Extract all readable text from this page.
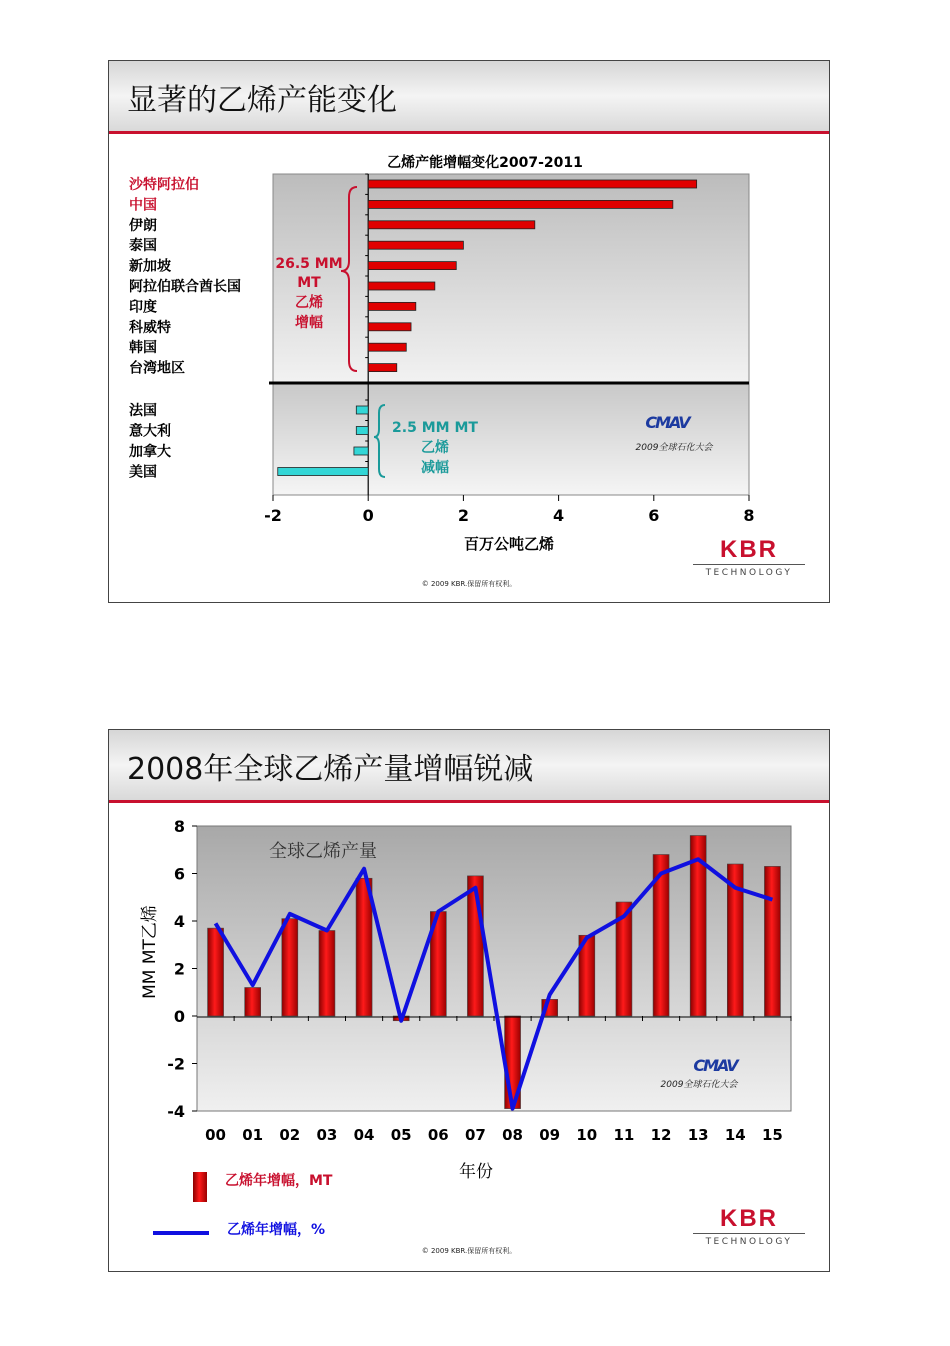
显著的乙烯产能变化
乙烯产能增幅变化2007-2011
沙特阿拉伯
中国
伊朗
泰国
新加坡
阿拉伯联合酋长国
印度
科威特
韩国
台湾地区
法国
意大利
加拿大
美国
-2	0	2	4	6	8
百万公吨乙烯
26.5 MM
MT
乙烯
增幅
2.5 MM MT
乙烯
减幅
CMAV
2009全球石化大会
KBR
TECHNOLOGY
© 2009 KBR.保留所有权利。
2008年全球乙烯产量增幅锐减
全球乙烯产量
-4
-2
0
2
4
6
8
00 01 02 03 04 05 06 07 08 09 10 11 12 13 14 15
MM MT乙烯
年份
乙烯年增幅，MT
乙烯年增幅，%
CMAV
2009全球石化大会
KBR
TECHNOLOGY
© 2009 KBR.保留所有权利。
